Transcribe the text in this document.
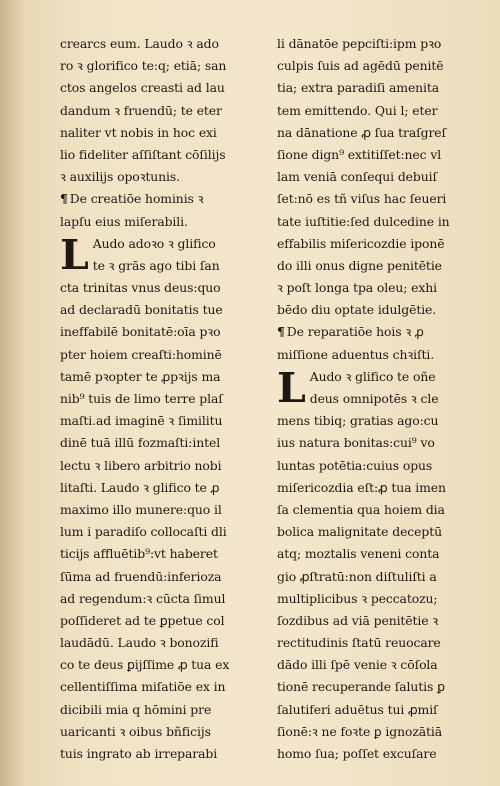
crearcs eum. Laudo ꝛ ado
ro ꝛ glorifico te:q; etiā; san
ctos angelos creasti ad lau
dandum ꝛ fruendū; te eter
naliter vt nobis in hoc exi
lio fideliter aſſiſtant cōſilijs
ꝛ auxilijs opoꝛtunis.
¶ De creatiōe hominis ꝛ
lapſu eius miſerabili.
L Audo adoꝛo ꝛ glifico
te ꝛ grās ago tibi ſan
cta trinitas vnus deus:quo
ad declaradū bonitatis tue
ineffabilē bonitatē:oīa pꝛo
pter hoiem creaſti:hominē
tamē pꝛopter te ꝓpꝛijs ma
nib⁹ tuis de limo terre plaſ
maſti.ad imaginē ꝛ ſimilitu
dinē tuā illū fozmaſti:intel
lectu ꝛ libero arbitrio nobi
litaſti. Laudo ꝛ glifico te ꝓ
maximo illo munere:quo il
lum i paradiſo collocaſti dli
ticijs affluētib⁹:vt haberet
ſūma ad fruendū:inferioza
ad regendum:ꝛ cūcta ſimul
poſſideret ad te ꝑpetue col
laudādū. Laudo ꝛ bonozifi
co te deus ꝑijſſime ꝓ tua ex
cellentiſſima miſatiōe ex in
dicibili mia q hōmini pre
uaricanti ꝛ oibus bñficijs
tuis ingrato ab irreparabi
li dānatōe pepciſti:ipm pꝛo
culpis ſuis ad agēdū penitē
tia; extra paradiſi amenita
tem emittendo. Qui l; eter
na dānatione ꝓ ſua traſgreſ
ſione dign⁹ extitiſſet:nec vl
lam veniā conſequi debuiſ
ſet:nō es tñ viſus hac ſeueri
tate iuſtitie:ſed dulcedine in
effabilis miſericozdie iponē
do illi onus digne penitētie
ꝛ poſt longa tpa oleu; exhi
bēdo diu optate idulgētie.
¶ De reparatiōe hois ꝛ ꝓ
miſſione aduentus chꝛiſti.
L Audo ꝛ glifico te oñe
deus omnipotēs ꝛ cle
mens tibiq; gratias ago:cu
ius natura bonitas:cui⁹ vo
luntas potētia:cuius opus
miſericozdia eſt:ꝓ tua imen
ſa clementia qua hoiem dia
bolica malignitate deceptū
atq; moztalis veneni conta
gio ꝓſtratū:non diſtuliſti a
multiplicibus ꝛ peccatozu;
ſozdibus ad viā penitētie ꝛ
rectitudinis ſtatū reuocare
dādo illi ſpē venie ꝛ cōſola
tionē recuperande ſalutis ꝑ
ſalutiferi aduētus tui ꝓmiſ
ſionē:ꝛ ne foꝛte ꝑ ignozātiā
homo ſua; poſſet excuſare
